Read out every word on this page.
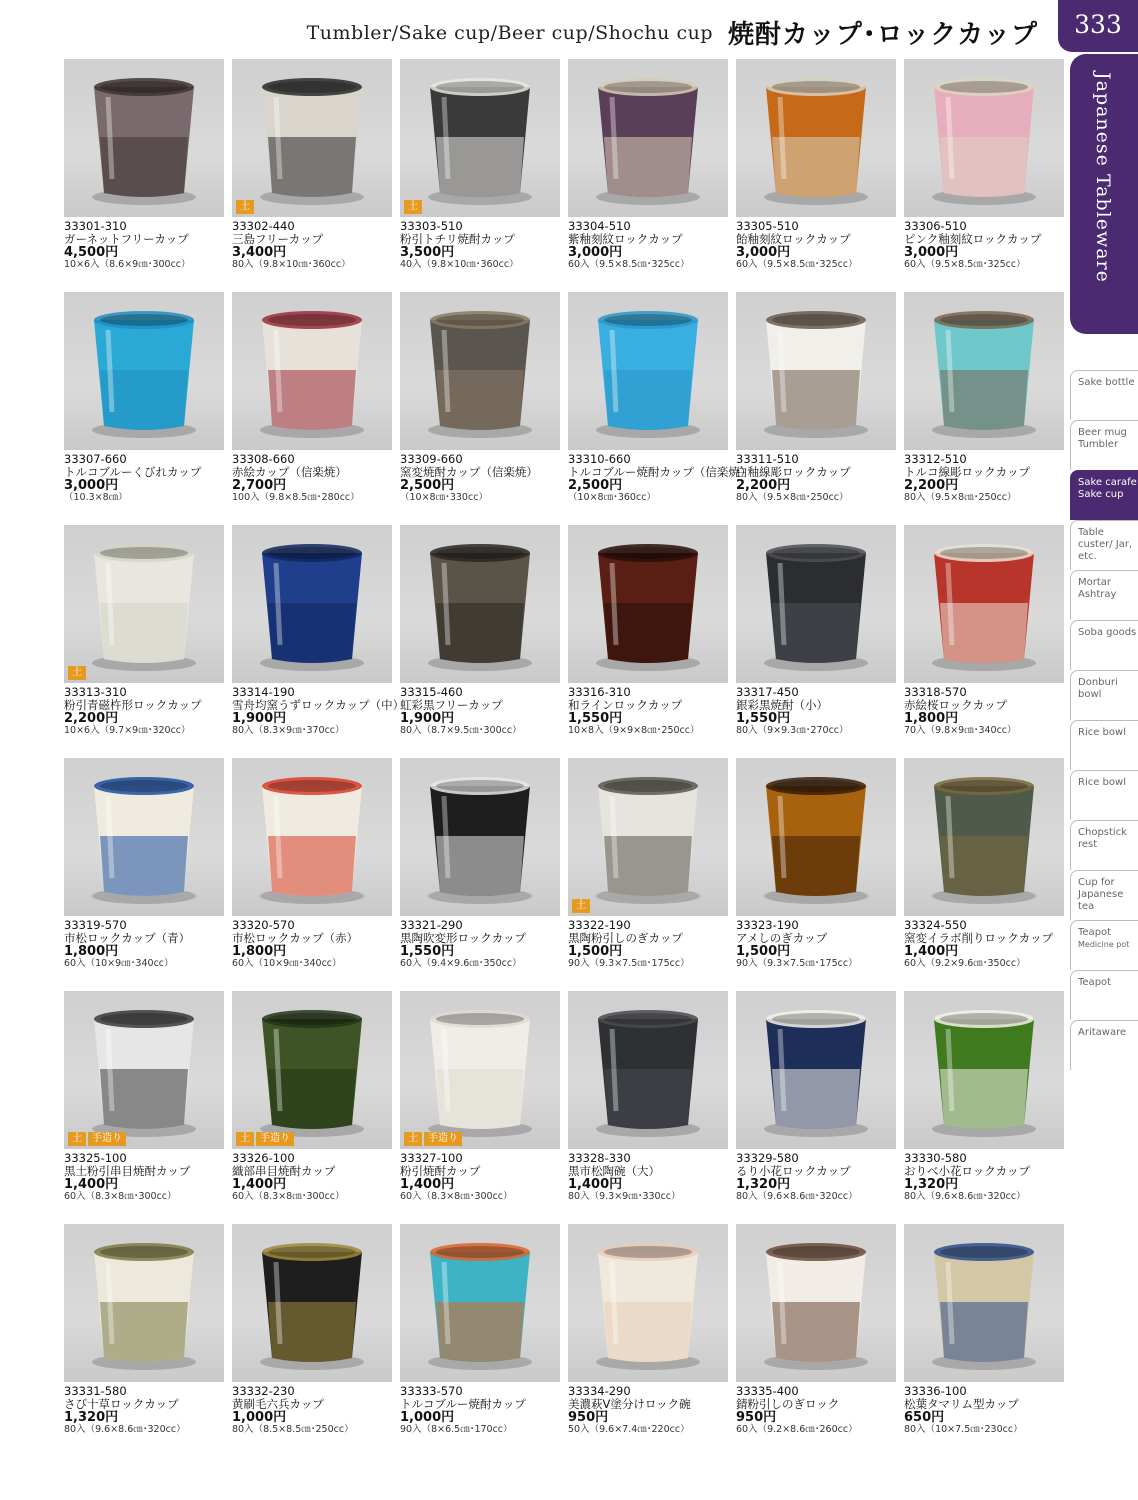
Tumbler/Sake cup/Beer cup/Shochu cup 焼酎カップ･ロックカップ	333
Japanese Tableware
Sake bottle
Beer mug Tumbler
Sake carafe Sake cup
Table custer/ Jar, etc.
Mortar Ashtray
Soba goods
Donburi bowl
Rice bowl
Rice bowl
Chopstick rest
Cup for Japanese tea
Teapot
Medicine pot
Teapot
Aritaware
33301-310
ガーネットフリーカップ
4,500円
10×6入（8.6×9㎝･300cc）
土
33302-440
三島フリーカップ
3,400円
80入（9.8×10㎝･360cc）
土
33303-510
粉引トチリ焼酎カップ
3,500円
40入（9.8×10㎝･360cc）
33304-510
紫釉刻紋ロックカップ
3,000円
60入（9.5×8.5㎝･325cc）
33305-510
飴釉刻紋ロックカップ
3,000円
60入（9.5×8.5㎝･325cc）
33306-510
ピンク釉刻紋ロックカップ
3,000円
60入（9.5×8.5㎝･325cc）
33307-660
トルコブルーくびれカップ
3,000円
（10.3×8㎝）
33308-660
赤絵カップ（信楽焼）
2,700円
100入（9.8×8.5㎝･280cc）
33309-660
窯変焼酎カップ（信楽焼）
2,500円
（10×8㎝･330cc）
33310-660
トルコブルー焼酎カップ（信楽焼）
2,500円
（10×8㎝･360cc）
33311-510
白釉線彫ロックカップ
2,200円
80入（9.5×8㎝･250cc）
33312-510
トルコ線彫ロックカップ
2,200円
80入（9.5×8㎝･250cc）
土
33313-310
粉引青磁杵形ロックカップ
2,200円
10×6入（9.7×9㎝･320cc）
33314-190
雪舟均窯うずロックカップ（中）
1,900円
80入（8.3×9㎝･370cc）
33315-460
虹彩黒フリーカップ
1,900円
80入（8.7×9.5㎝･300cc）
33316-310
和ラインロックカップ
1,550円
10×8入（9×9×8㎝･250cc）
33317-450
銀彩黒焼酎（小）
1,550円
80入（9×9.3㎝･270cc）
33318-570
赤絵桜ロックカップ
1,800円
70入（9.8×9㎝･340cc）
33319-570
市松ロックカップ（青）
1,800円
60入（10×9㎝･340cc）
33320-570
市松ロックカップ（赤）
1,800円
60入（10×9㎝･340cc）
33321-290
黒陶吹変形ロックカップ
1,550円
60入（9.4×9.6㎝･350cc）
土
33322-190
黒陶粉引しのぎカップ
1,500円
90入（9.3×7.5㎝･175cc）
33323-190
アメしのぎカップ
1,500円
90入（9.3×7.5㎝･175cc）
33324-550
窯変イラボ削りロックカップ
1,400円
60入（9.2×9.6㎝･350cc）
土	手造り
33325-100
黒土粉引串目焼酎カップ
1,400円
60入（8.3×8㎝･300cc）
土	手造り
33326-100
織部串目焼酎カップ
1,400円
60入（8.3×8㎝･300cc）
土	手造り
33327-100
粉引焼酎カップ
1,400円
60入（8.3×8㎝･300cc）
33328-330
黒市松陶碗（大）
1,400円
80入（9.3×9㎝･330cc）
33329-580
るり小花ロックカップ
1,320円
80入（9.6×8.6㎝･320cc）
33330-580
おりべ小花ロックカップ
1,320円
80入（9.6×8.6㎝･320cc）
33331-580
さび十草ロックカップ
1,320円
80入（9.6×8.6㎝･320cc）
33332-230
黄刷毛六兵カップ
1,000円
80入（8.5×8.5㎝･250cc）
33333-570
トルコブルー焼酎カップ
1,000円
90入（8×6.5㎝･170cc）
33334-290
美濃萩V塗分けロック碗
950円
50入（9.6×7.4㎝･220cc）
33335-400
錆粉引しのぎロック
950円
60入（9.2×8.6㎝･260cc）
33336-100
松葉タマリム型カップ
650円
80入（10×7.5㎝･230cc）
